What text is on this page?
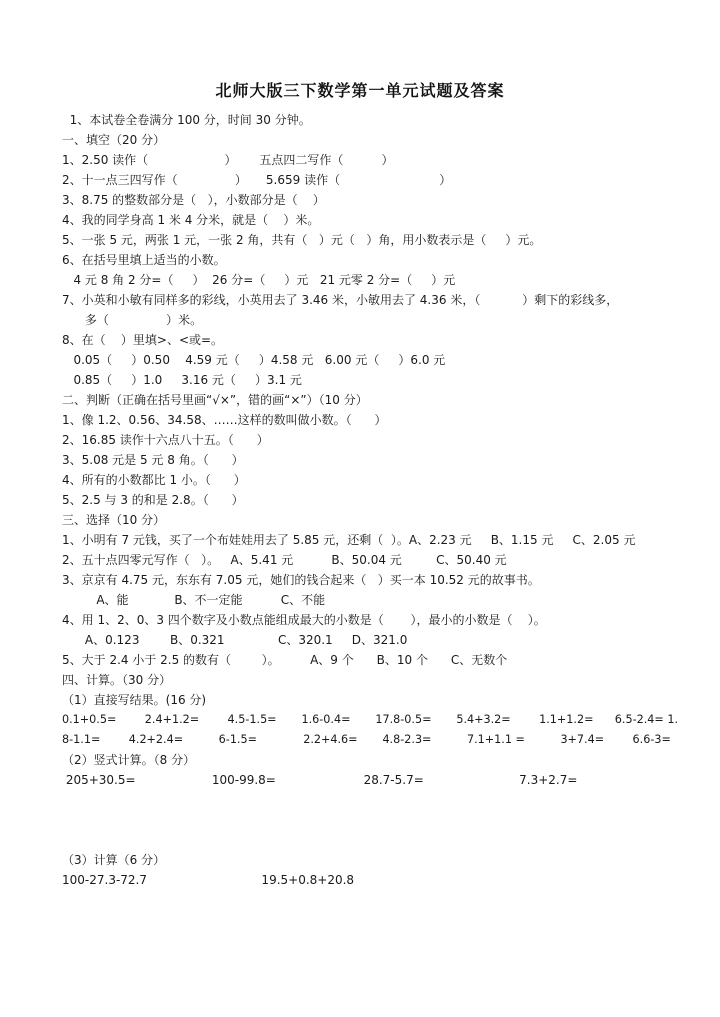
北师大版三下数学第一单元试题及答案
1、本试卷全卷满分 100 分，时间 30 分钟。
一、填空（20 分）
1、2.50 读作（                    ）      五点四二写作（          ）
2、十一点三四写作（               ）     5.659 读作（                          ）
3、8.75 的整数部分是（   ），小数部分是（    ）
4、我的同学身高 1 米 4 分米，就是（    ）米。
5、一张 5 元，两张 1 元，一张 2 角，共有（   ）元（   ）角，用小数表示是（     ）元。
6、在括号里填上适当的小数。
4 元 8 角 2 分=（     ）  26 分=（     ）元   21 元零 2 分=（     ）元
7、小英和小敏有同样多的彩线，小英用去了 3.46 米，小敏用去了 4.36 米，（           ）剩下的彩线多，
多（               ）米。
8、在（    ）里填>、<或=。
0.05（     ）0.50    4.59 元（     ）4.58 元   6.00 元（     ）6.0 元
0.85（     ）1.0     3.16 元（     ）3.1 元
二、判断（正确在括号里画“√×”，错的画“×”）（10 分）
1、像 1.2、0.56、34.58、……这样的数叫做小数。（      ）
2、16.85 读作十六点八十五。（      ）
3、5.08 元是 5 元 8 角。（      ）
4、所有的小数都比 1 小。（      ）
5、2.5 与 3 的和是 2.8。（      ）
三、选择（10 分）
1、小明有 7 元钱，买了一个布娃娃用去了 5.85 元，还剩（  ）。A、2.23 元     B、1.15 元     C、2.05 元
2、五十点四零元写作（   ）。   A、5.41 元          B、50.04 元         C、50.40 元
3、京京有 4.75 元，东东有 7.05 元，她们的钱合起来（   ）买一本 10.52 元的故事书。
A、能            B、不一定能          C、不能
4、用 1、2、0、3 四个数字及小数点能组成最大的小数是（       ），最小的小数是（    ）。
A、0.123        B、0.321              C、320.1     D、321.0
5、大于 2.4 小于 2.5 的数有（        ）。        A、9 个      B、10 个      C、无数个
四、计算。（30 分）
（1）直接写结果。(16 分)
0.1+0.5=        2.4+1.2=        4.5-1.5=       1.6-0.4=       17.8-0.5=       5.4+3.2=        1.1+1.2=      6.5-2.4= 1.
8-1.1=        4.2+2.4=          6-1.5=             2.2+4.6=       4.8-2.3=          7.1+1.1 =          3+7.4=        6.6-3=
（2）竖式计算。（8 分）
205+30.5=                    100-99.8=                       28.7-5.7=                         7.3+2.7=
（3）计算（6 分）
100-27.3-72.7                              19.5+0.8+20.8
